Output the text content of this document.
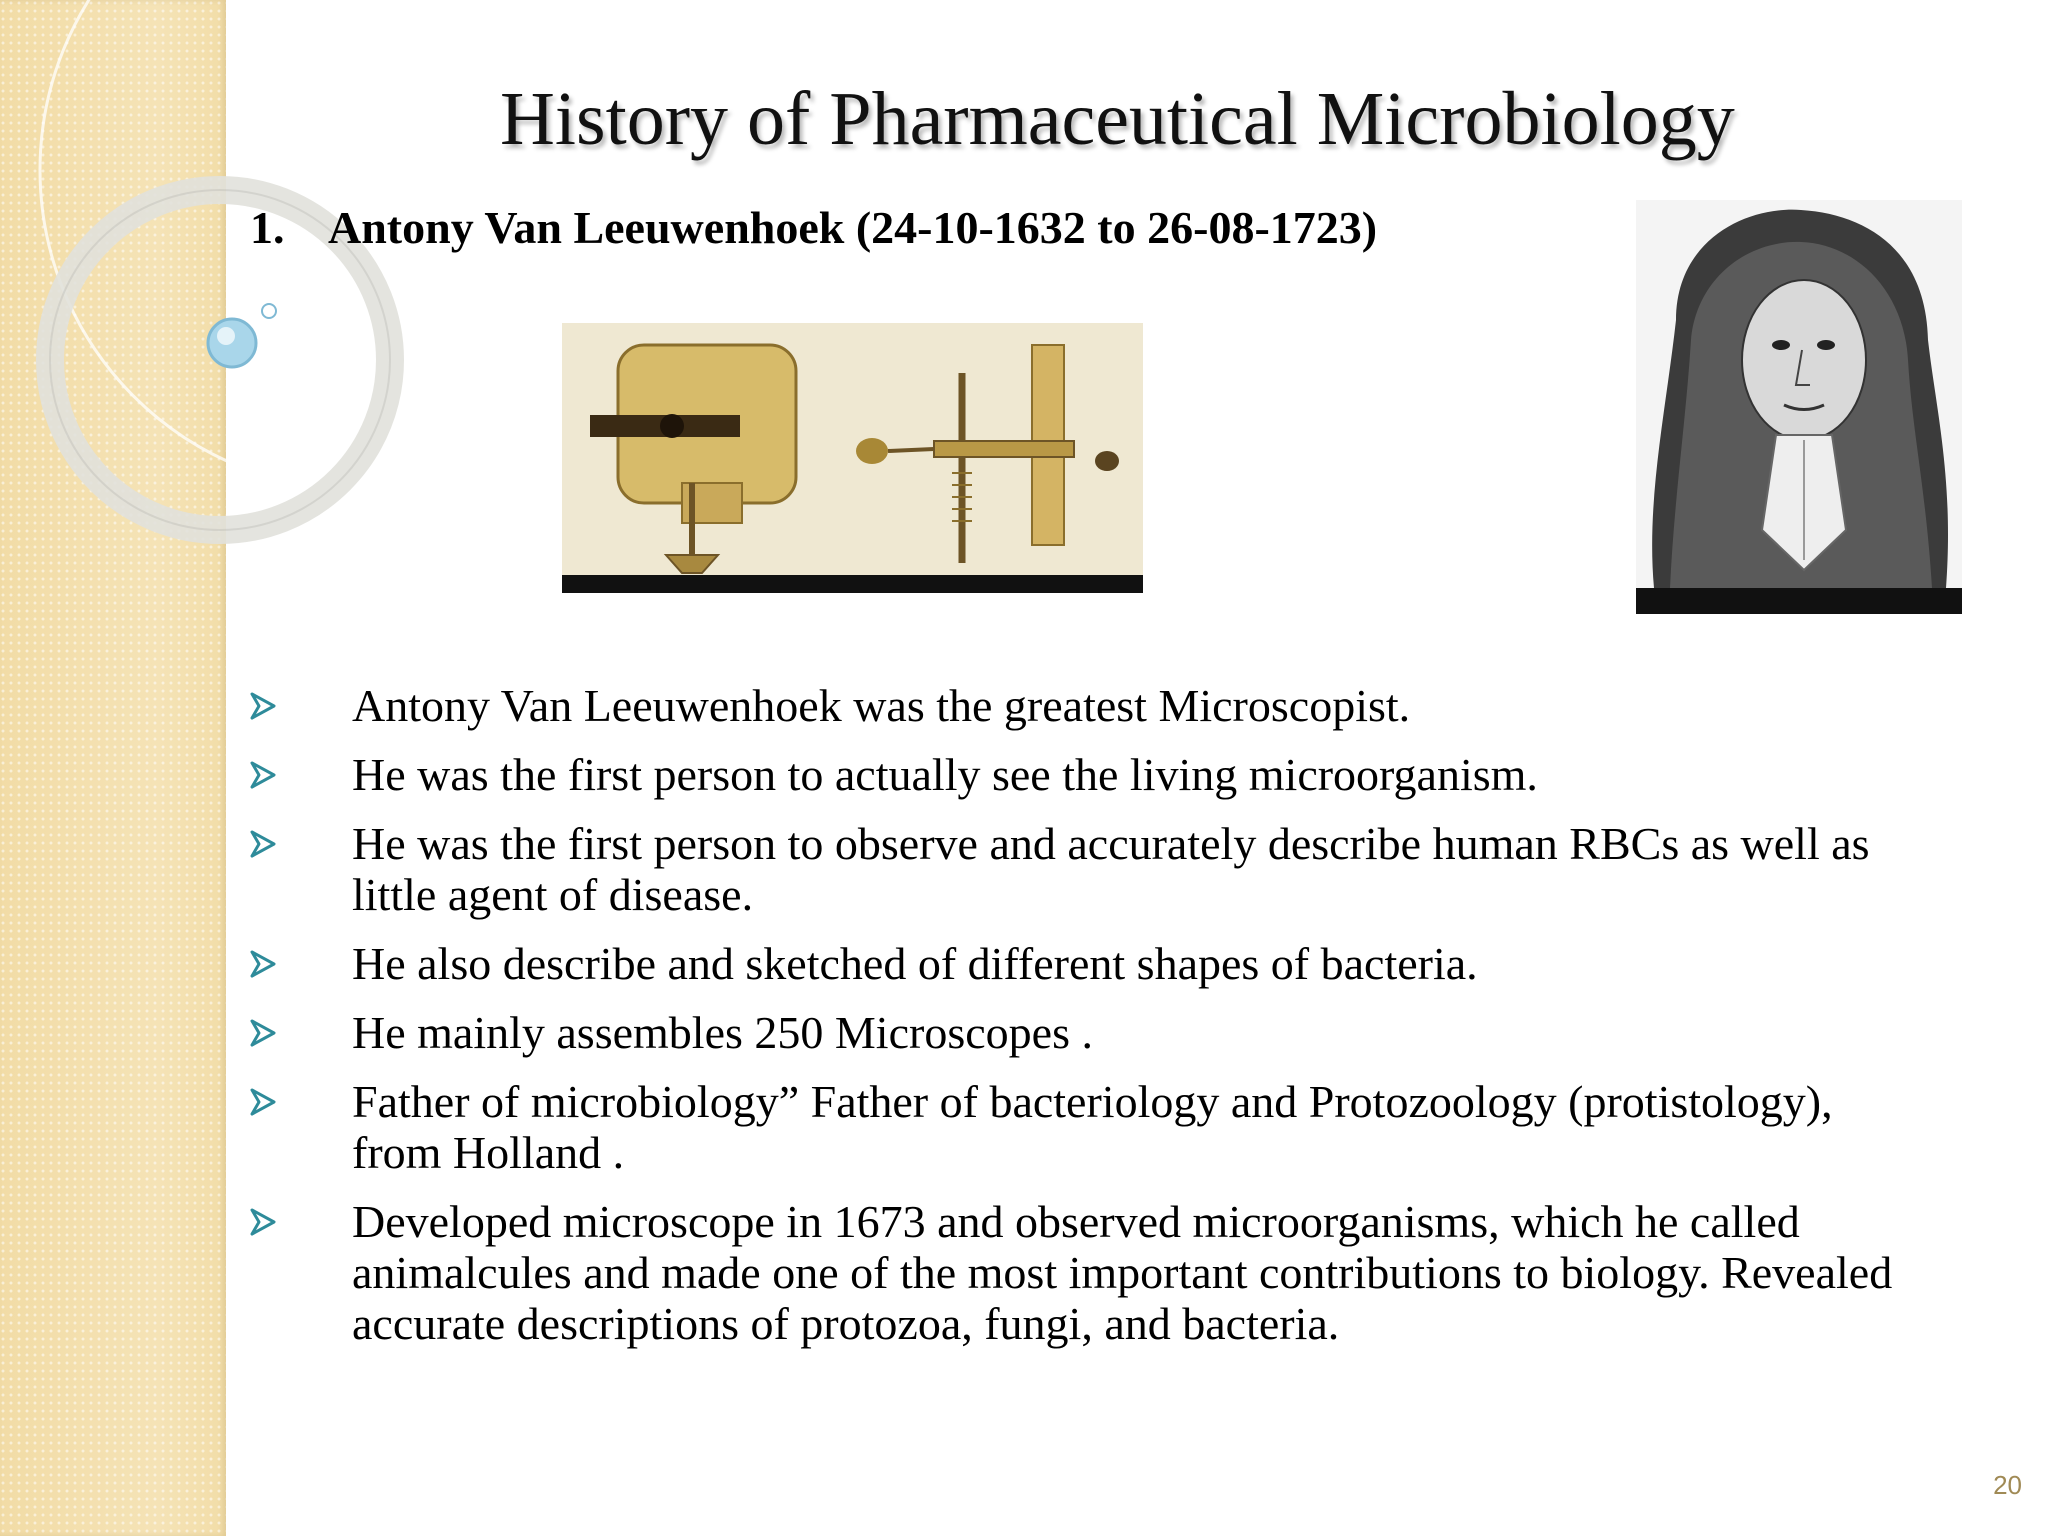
History of Pharmaceutical Microbiology
1. Antony Van Leeuwenhoek (24-10-1632 to 26-08-1723)
Antony Van Leeuwenhoek was the greatest Microscopist.
He was the first person to actually see the living microorganism.
He was the first person to observe and accurately describe human RBCs as well as little agent of disease.
He also describe and sketched of different shapes of bacteria.
He mainly assembles 250 Microscopes .
Father of microbiology” Father of bacteriology and Protozoology (protistology), from Holland .
Developed microscope in 1673 and observed microorganisms, which he called animalcules and made one of the most important contributions to biology. Revealed accurate descriptions of protozoa, fungi, and bacteria.
20
